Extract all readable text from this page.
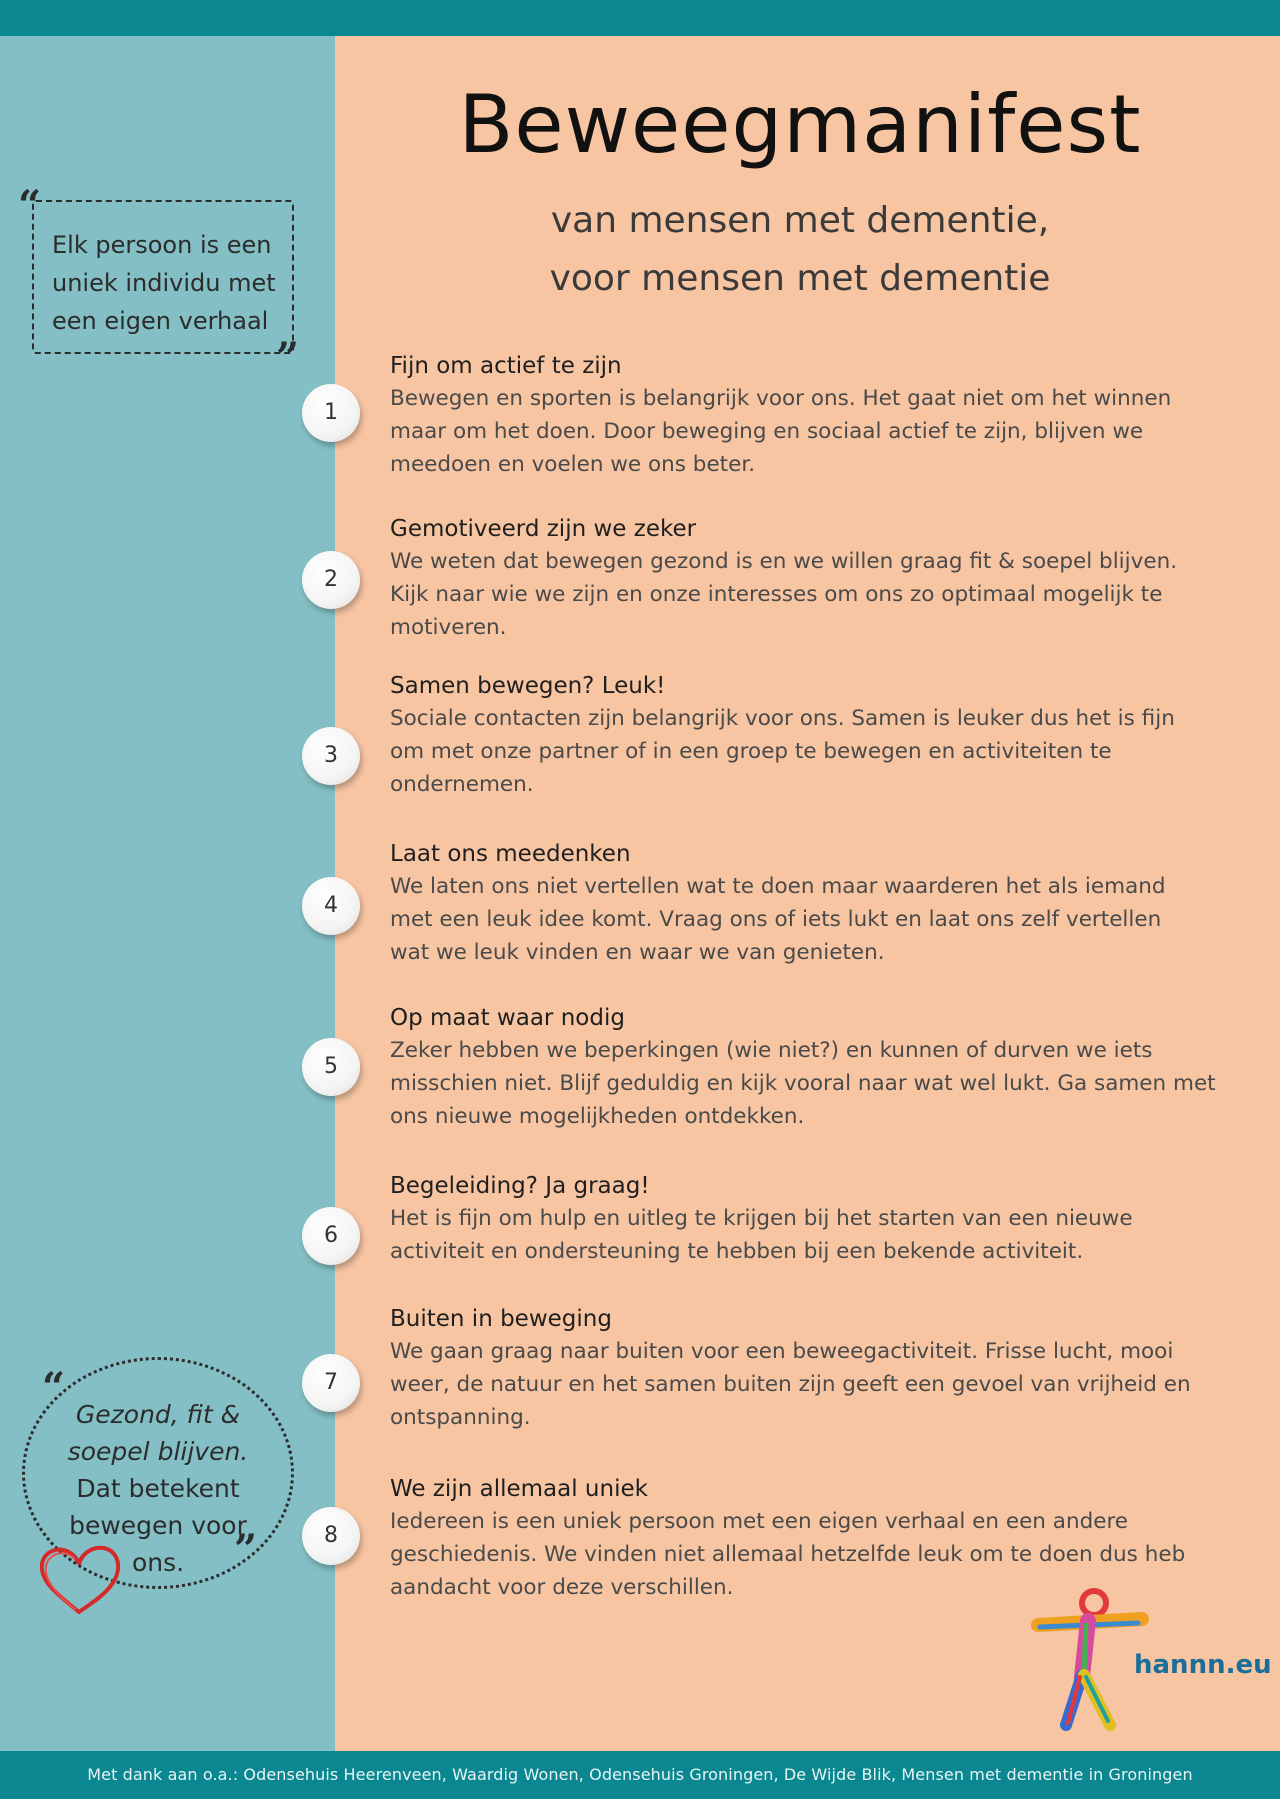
Beweegmanifest
van mensen met dementie,
voor mensen met dementie
“
Elk persoon is een
uniek individu met
een eigen verhaal
”
Gezond, fit &
soepel blijven.
Dat betekent
bewegen voor
ons.
“
”
1
Fijn om actief te zijn
Bewegen en sporten is belangrijk voor ons. Het gaat niet om het winnen
maar om het doen. Door beweging en sociaal actief te zijn, blijven we
meedoen en voelen we ons beter.
2
Gemotiveerd zijn we zeker
We weten dat bewegen gezond is en we willen graag fit & soepel blijven.
Kijk naar wie we zijn en onze interesses om ons zo optimaal mogelijk te
motiveren.
3
Samen bewegen? Leuk!
Sociale contacten zijn belangrijk voor ons. Samen is leuker dus het is fijn
om met onze partner of in een groep te bewegen en activiteiten te
ondernemen.
4
Laat ons meedenken
We laten ons niet vertellen wat te doen maar waarderen het als iemand
met een leuk idee komt. Vraag ons of iets lukt en laat ons zelf vertellen
wat we leuk vinden en waar we van genieten.
5
Op maat waar nodig
Zeker hebben we beperkingen (wie niet?) en kunnen of durven we iets
misschien niet. Blijf geduldig en kijk vooral naar wat wel lukt. Ga samen met
ons nieuwe mogelijkheden ontdekken.
6
Begeleiding? Ja graag!
Het is fijn om hulp en uitleg te krijgen bij het starten van een nieuwe
activiteit en ondersteuning te hebben bij een bekende activiteit.
7
Buiten in beweging
We gaan graag naar buiten voor een beweegactiviteit. Frisse lucht, mooi
weer, de natuur en het samen buiten zijn geeft een gevoel van vrijheid en
ontspanning.
8
We zijn allemaal uniek
Iedereen is een uniek persoon met een eigen verhaal en een andere
geschiedenis. We vinden niet allemaal hetzelfde leuk om te doen dus heb
aandacht voor deze verschillen.
hannn.eu
Met dank aan o.a.: Odensehuis Heerenveen, Waardig Wonen, Odensehuis Groningen, De Wijde Blik, Mensen met dementie in Groningen
